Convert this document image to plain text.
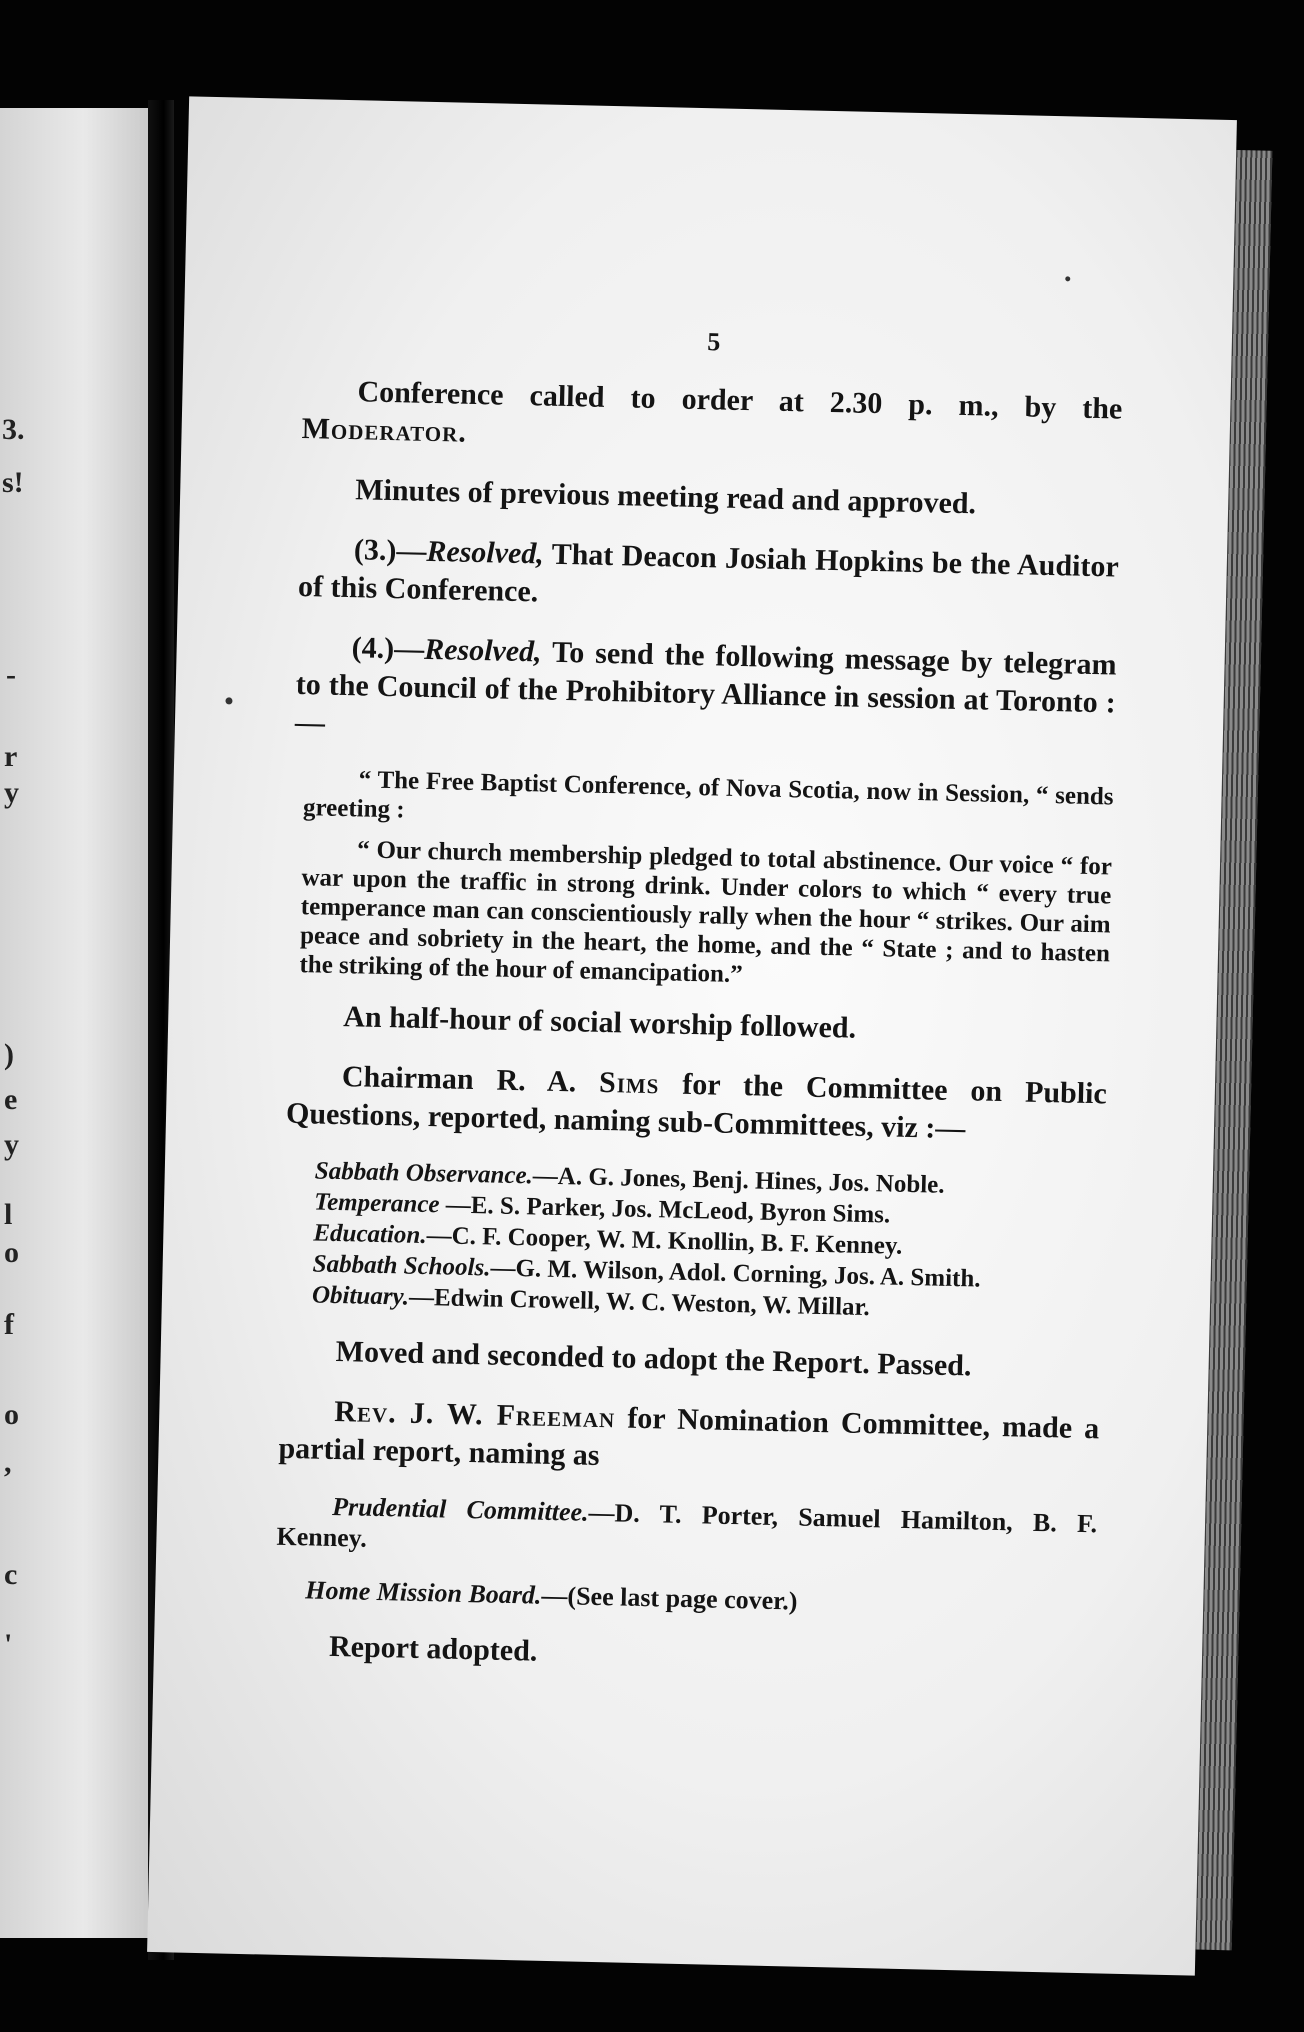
3.
s!
-
r
y
)
e
y
l
o
f
o
,
c
'
5

Conference called to order at 2.30 p. m., by the Moderator.

Minutes of previous meeting read and approved.

(3.)—Resolved, That Deacon Josiah Hopkins be the Auditor of this Conference.

(4.)—Resolved, To send the following message by telegram to the Council of the Prohibitory Alliance in session at Toronto :—

“ The Free Baptist Conference, of Nova Scotia, now in Session, “ sends greeting :

“ Our church membership pledged to total abstinence. Our voice “ for war upon the traffic in strong drink. Under colors to which “ every true temperance man can conscientiously rally when the hour “ strikes. Our aim peace and sobriety in the heart, the home, and the “ State ; and to hasten the striking of the hour of emancipation.”

An half-hour of social worship followed.

Chairman R. A. Sims for the Committee on Public Questions, reported, naming sub-Committees, viz :—

Sabbath Observance.—A. G. Jones, Benj. Hines, Jos. Noble.
Temperance —E. S. Parker, Jos. McLeod, Byron Sims.
Education.—C. F. Cooper, W. M. Knollin, B. F. Kenney.
Sabbath Schools.—G. M. Wilson, Adol. Corning, Jos. A. Smith.
Obituary.—Edwin Crowell, W. C. Weston, W. Millar.

Moved and seconded to adopt the Report. Passed.

Rev. J. W. Freeman for Nomination Committee, made a partial report, naming as

Prudential Committee.—D. T. Porter, Samuel Hamilton, B. F. Kenney.

Home Mission Board.—(See last page cover.)

Report adopted.
